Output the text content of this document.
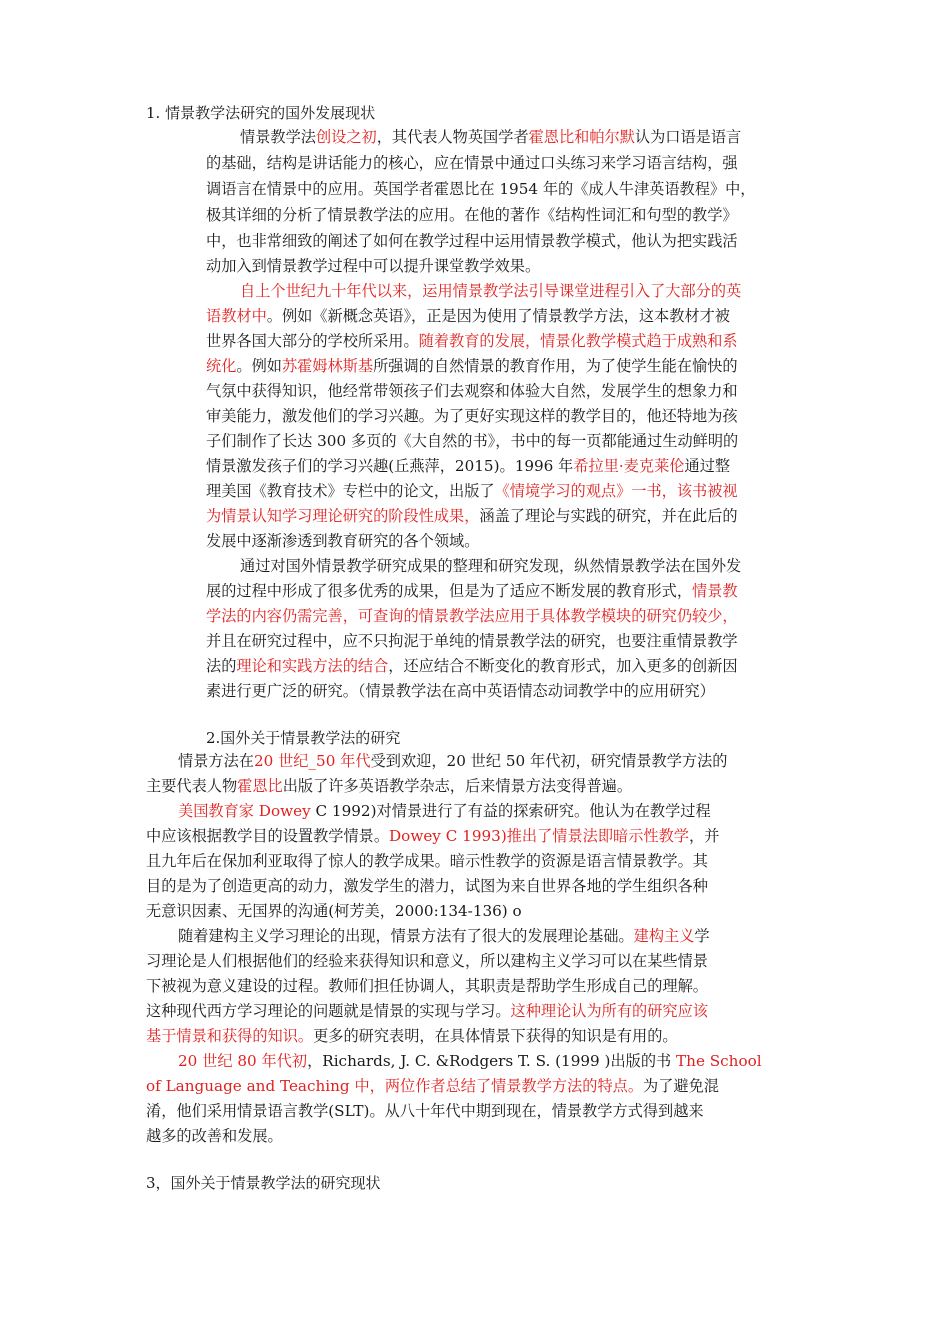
1. 情景教学法研究的国外发展现状
情景教学法创设之初，其代表人物英国学者霍恩比和帕尔默认为口语是语言
的基础，结构是讲话能力的核心，应在情景中通过口头练习来学习语言结构，强
调语言在情景中的应用。英国学者霍恩比在 1954 年的《成人牛津英语教程》中，
极其详细的分析了情景教学法的应用。在他的著作《结构性词汇和句型的教学》
中，也非常细致的阐述了如何在教学过程中运用情景教学模式，他认为把实践活
动加入到情景教学过程中可以提升课堂教学效果。
自上个世纪九十年代以来，运用情景教学法引导课堂进程引入了大部分的英
语教材中。例如《新概念英语》，正是因为使用了情景教学方法，这本教材才被
世界各国大部分的学校所采用。随着教育的发展，情景化教学模式趋于成熟和系
统化。例如苏霍姆林斯基所强调的自然情景的教育作用，为了使学生能在愉快的
气氛中获得知识，他经常带领孩子们去观察和体验大自然，发展学生的想象力和
审美能力，激发他们的学习兴趣。为了更好实现这样的教学目的，他还特地为孩
子们制作了长达 300 多页的《大自然的书》，书中的每一页都能通过生动鲜明的
情景激发孩子们的学习兴趣(丘燕萍，2015)。1996 年希拉里·麦克莱伦通过整
理美国《教育技术》专栏中的论文，出版了《情境学习的观点》一书，该书被视
为情景认知学习理论研究的阶段性成果，涵盖了理论与实践的研究，并在此后的
发展中逐渐渗透到教育研究的各个领域。
通过对国外情景教学研究成果的整理和研究发现，纵然情景教学法在国外发
展的过程中形成了很多优秀的成果，但是为了适应不断发展的教育形式，情景教
学法的内容仍需完善，可查询的情景教学法应用于具体教学模块的研究仍较少，
并且在研究过程中，应不只拘泥于单纯的情景教学法的研究，也要注重情景教学
法的理论和实践方法的结合，还应结合不断变化的教育形式，加入更多的创新因
素进行更广泛的研究。（情景教学法在高中英语情态动词教学中的应用研究）
2.国外关于情景教学法的研究
情景方法在20 世纪_50 年代受到欢迎，20 世纪 50 年代初，研究情景教学方法的
主要代表人物霍恩比出版了许多英语教学杂志，后来情景方法变得普遍。
美国教育家 Dowey C 1992)对情景进行了有益的探索研究。他认为在教学过程
中应该根据教学目的设置教学情景。Dowey C 1993)推出了情景法即暗示性教学，并
且九年后在保加利亚取得了惊人的教学成果。暗示性教学的资源是语言情景教学。其
目的是为了创造更高的动力，激发学生的潜力，试图为来自世界各地的学生组织各种
无意识因素、无国界的沟通(柯芳美，2000:134-136) o
随着建构主义学习理论的出现，情景方法有了很大的发展理论基础。建构主义学
习理论是人们根据他们的经验来获得知识和意义，所以建构主义学习可以在某些情景
下被视为意义建设的过程。教师们担任协调人，其职责是帮助学生形成自己的理解。
这种现代西方学习理论的问题就是情景的实现与学习。这种理论认为所有的研究应该
基于情景和获得的知识。更多的研究表明，在具体情景下获得的知识是有用的。
20 世纪 80 年代初，Richards, J. C. &Rodgers T. S. (1999 )出版的书 The School
of Language and Teaching 中，两位作者总结了情景教学方法的特点。为了避免混
淆，他们采用情景语言教学(SLT)。从八十年代中期到现在，情景教学方式得到越来
越多的改善和发展。
3，国外关于情景教学法的研究现状
